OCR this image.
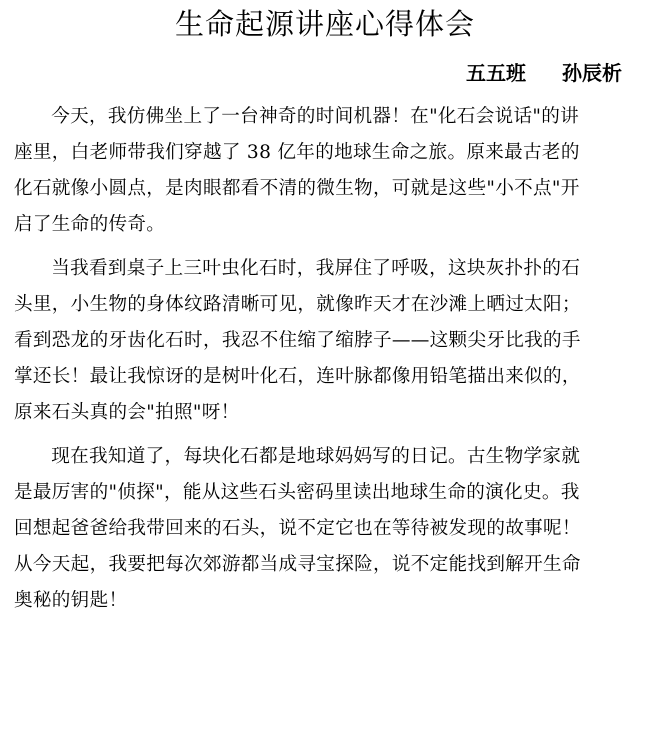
生命起源讲座心得体会
五五班 孙辰析

今天，我仿佛坐上了一台神奇的时间机器！在"化石会说话"的讲
座里，白老师带我们穿越了 38 亿年的地球生命之旅。原来最古老的
化石就像小圆点，是肉眼都看不清的微生物，可就是这些"小不点"开
启了生命的传奇。

当我看到桌子上三叶虫化石时，我屏住了呼吸，这块灰扑扑的石
头里，小生物的身体纹路清晰可见，就像昨天才在沙滩上晒过太阳；
看到恐龙的牙齿化石时，我忍不住缩了缩脖子——这颗尖牙比我的手
掌还长！最让我惊讶的是树叶化石，连叶脉都像用铅笔描出来似的，
原来石头真的会"拍照"呀！

现在我知道了，每块化石都是地球妈妈写的日记。古生物学家就
是最厉害的"侦探"，能从这些石头密码里读出地球生命的演化史。我
回想起爸爸给我带回来的石头，说不定它也在等待被发现的故事呢！
从今天起，我要把每次郊游都当成寻宝探险，说不定能找到解开生命
奥秘的钥匙！
